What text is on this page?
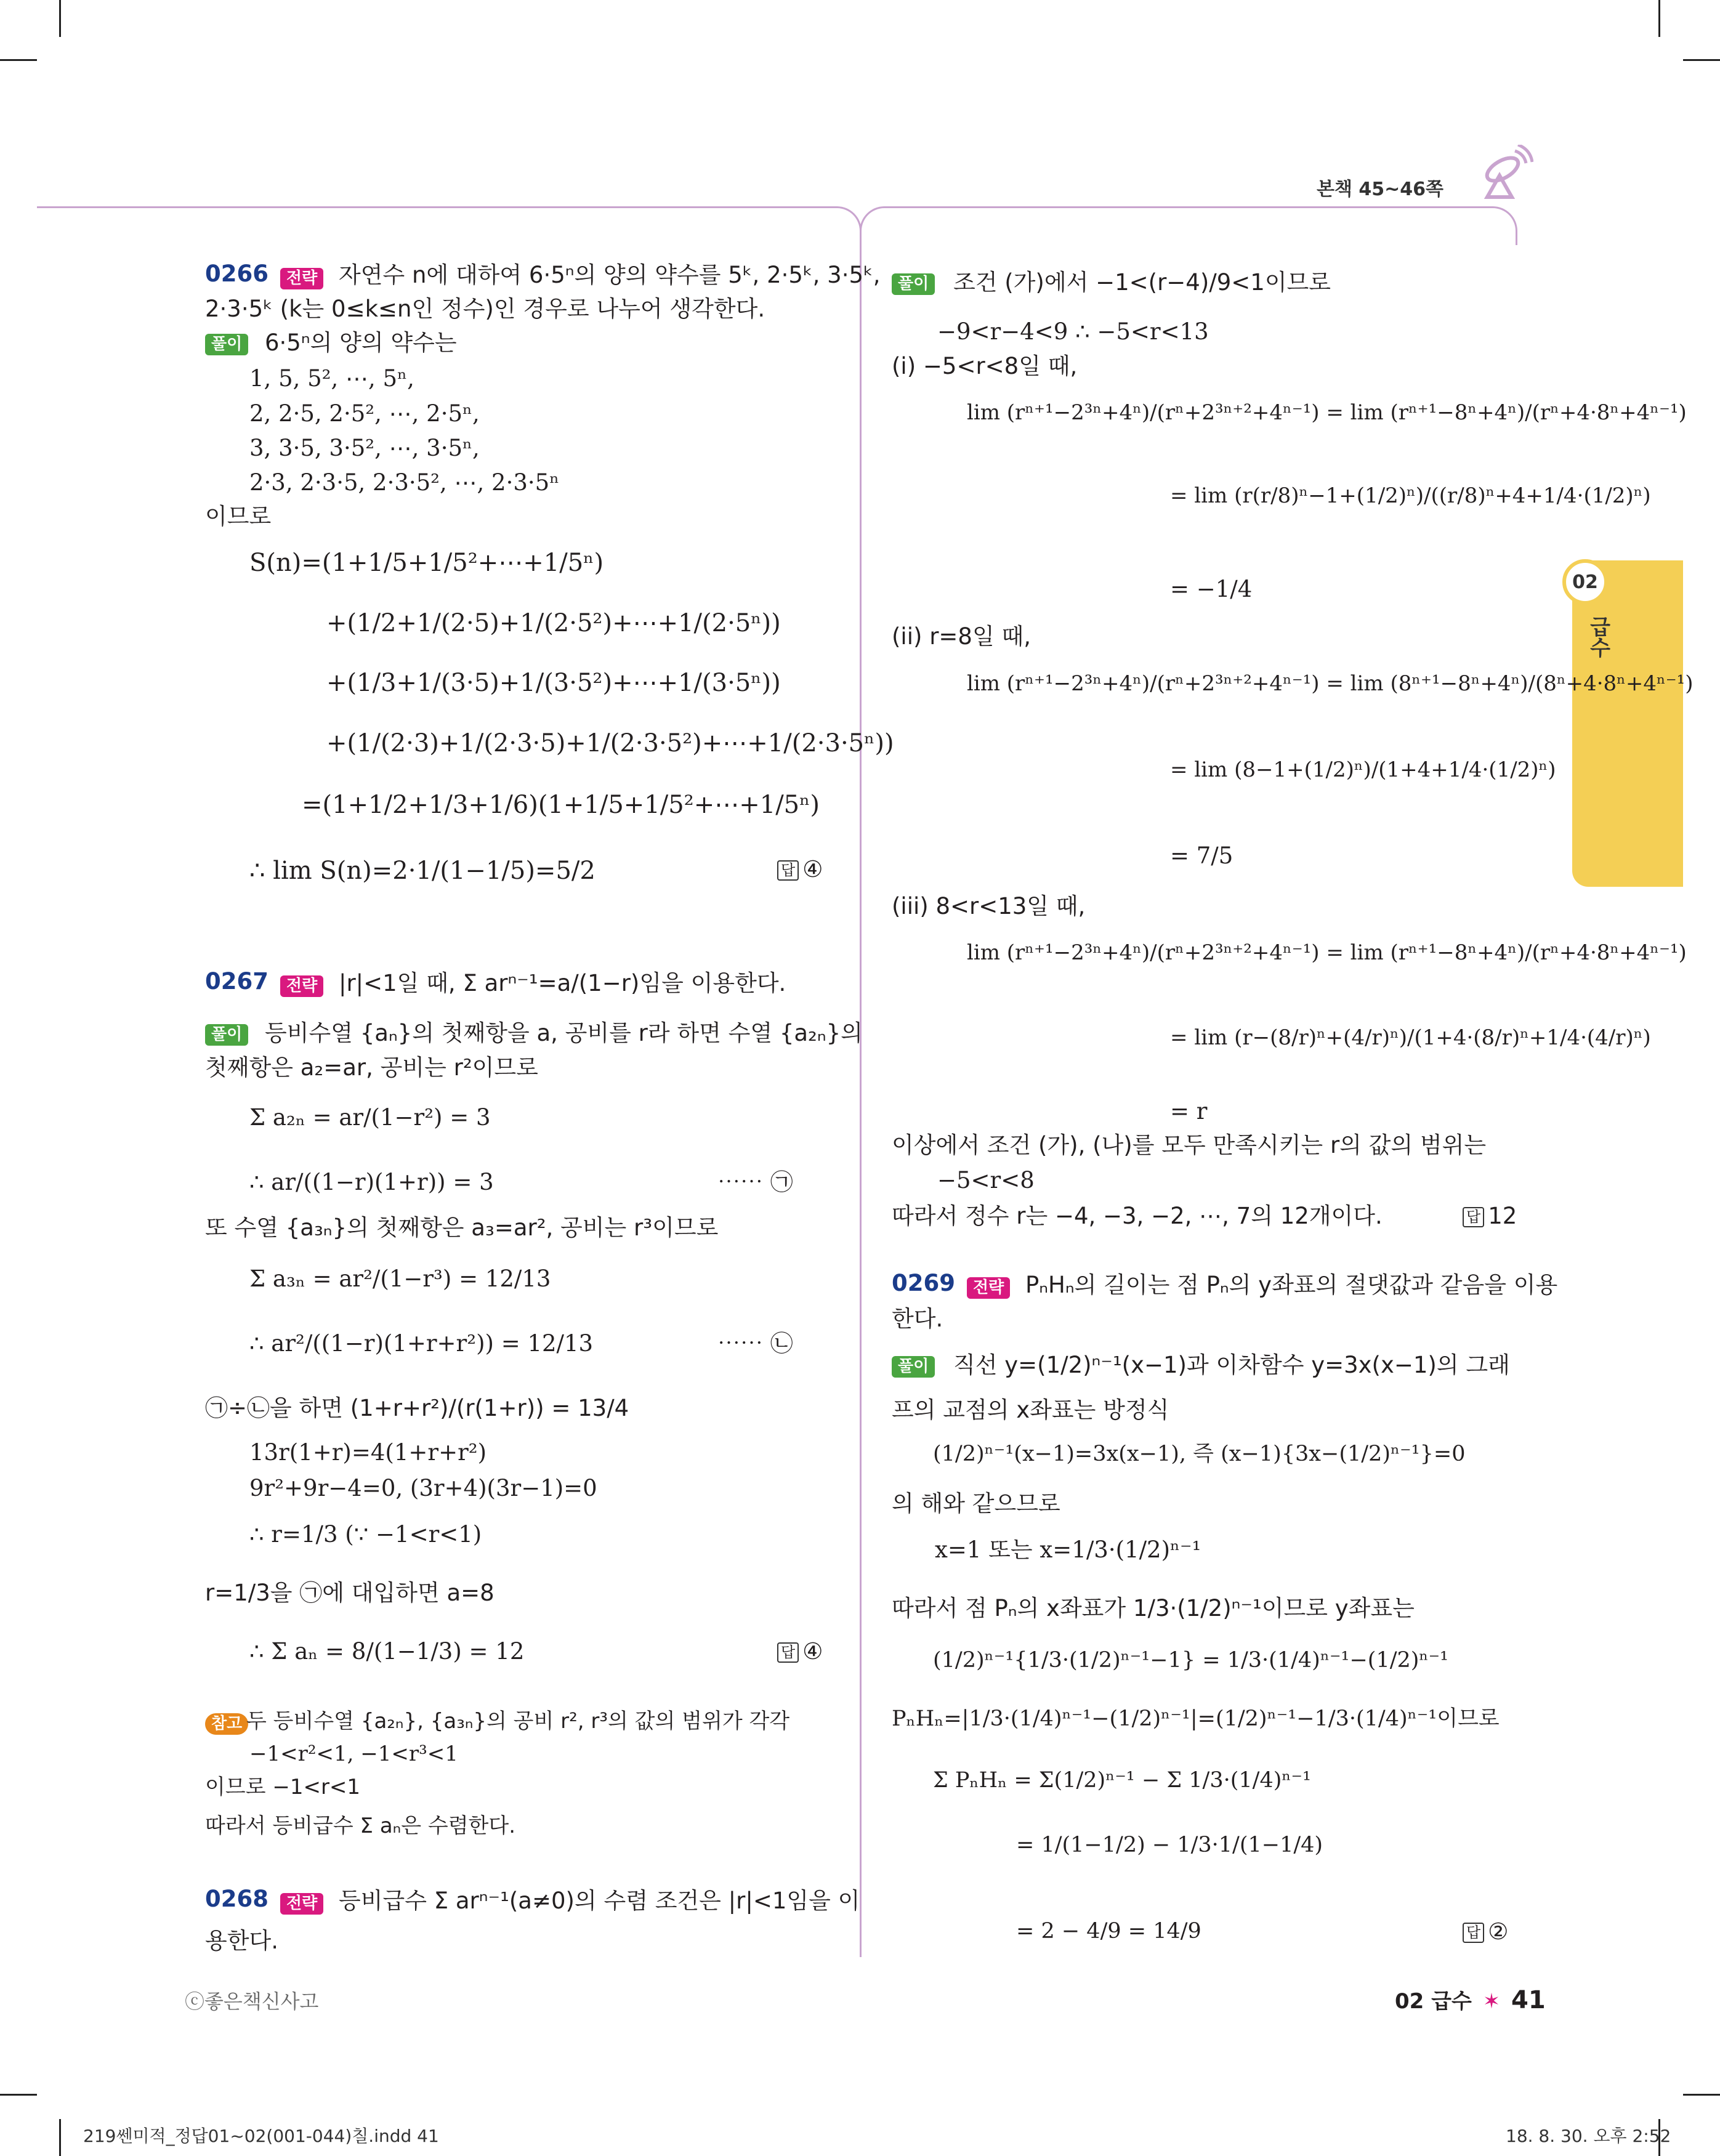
본책 45~46쪽
02
급수
0266	전략 자연수 n에 대하여 6·5ⁿ의 양의 약수를 5ᵏ, 2·5ᵏ, 3·5ᵏ,
2·3·5ᵏ (k는 0≤k≤n인 정수)인 경우로 나누어 생각한다.
풀이 6·5ⁿ의 양의 약수는
1, 5, 5², ⋯, 5ⁿ,
2, 2·5, 2·5², ⋯, 2·5ⁿ,
3, 3·5, 3·5², ⋯, 3·5ⁿ,
2·3, 2·3·5, 2·3·5², ⋯, 2·3·5ⁿ
이므로
S(n)=(1+1/5+1/5²+⋯+1/5ⁿ)
+(1/2+1/(2·5)+1/(2·5²)+⋯+1/(2·5ⁿ))
+(1/3+1/(3·5)+1/(3·5²)+⋯+1/(3·5ⁿ))
+(1/(2·3)+1/(2·3·5)+1/(2·3·5²)+⋯+1/(2·3·5ⁿ))
=(1+1/2+1/3+1/6)(1+1/5+1/5²+⋯+1/5ⁿ)
∴ lim S(n)=2·1/(1−1/5)=5/2	답 ④
0267	전략 |r|<1일 때, Σ arⁿ⁻¹=a/(1−r)임을 이용한다.
풀이 등비수열 {aₙ}의 첫째항을 a, 공비를 r라 하면 수열 {a₂ₙ}의
첫째항은 a₂=ar, 공비는 r²이므로
Σ a₂ₙ = ar/(1−r²) = 3
∴ ar/((1−r)(1+r)) = 3	⋯⋯ ㉠
또 수열 {a₃ₙ}의 첫째항은 a₃=ar², 공비는 r³이므로
Σ a₃ₙ = ar²/(1−r³) = 12/13
∴ ar²/((1−r)(1+r+r²)) = 12/13	⋯⋯ ㉡
㉠÷㉡을 하면 (1+r+r²)/(r(1+r)) = 13/4
13r(1+r)=4(1+r+r²)
9r²+9r−4=0, (3r+4)(3r−1)=0
∴ r=1/3 (∵ −1<r<1)
r=1/3을 ㉠에 대입하면 a=8
∴ Σ aₙ = 8/(1−1/3) = 12	답 ④
참고 두 등비수열 {a₂ₙ}, {a₃ₙ}의 공비 r², r³의 값의 범위가 각각
−1<r²<1, −1<r³<1
이므로 −1<r<1
따라서 등비급수 Σ aₙ은 수렴한다.
0268	전략 등비급수 Σ arⁿ⁻¹(a≠0)의 수렴 조건은 |r|<1임을 이
용한다.
풀이 조건 (가)에서 −1<(r−4)/9<1이므로
−9<r−4<9 ∴ −5<r<13
(i) −5<r<8일 때,
lim (rⁿ⁺¹−2³ⁿ+4ⁿ)/(rⁿ+2³ⁿ⁺²+4ⁿ⁻¹) = lim (rⁿ⁺¹−8ⁿ+4ⁿ)/(rⁿ+4·8ⁿ+4ⁿ⁻¹)
= lim (r(r/8)ⁿ−1+(1/2)ⁿ)/((r/8)ⁿ+4+1/4·(1/2)ⁿ)
= −1/4
(ii) r=8일 때,
lim (rⁿ⁺¹−2³ⁿ+4ⁿ)/(rⁿ+2³ⁿ⁺²+4ⁿ⁻¹) = lim (8ⁿ⁺¹−8ⁿ+4ⁿ)/(8ⁿ+4·8ⁿ+4ⁿ⁻¹)
= lim (8−1+(1/2)ⁿ)/(1+4+1/4·(1/2)ⁿ)
= 7/5
(iii) 8<r<13일 때,
lim (rⁿ⁺¹−2³ⁿ+4ⁿ)/(rⁿ+2³ⁿ⁺²+4ⁿ⁻¹) = lim (rⁿ⁺¹−8ⁿ+4ⁿ)/(rⁿ+4·8ⁿ+4ⁿ⁻¹)
= lim (r−(8/r)ⁿ+(4/r)ⁿ)/(1+4·(8/r)ⁿ+1/4·(4/r)ⁿ)
= r
이상에서 조건 (가), (나)를 모두 만족시키는 r의 값의 범위는
−5<r<8
따라서 정수 r는 −4, −3, −2, ⋯, 7의 12개이다.	답 12
0269	전략 PₙHₙ의 길이는 점 Pₙ의 y좌표의 절댓값과 같음을 이용
한다.
풀이 직선 y=(1/2)ⁿ⁻¹(x−1)과 이차함수 y=3x(x−1)의 그래
프의 교점의 x좌표는 방정식
(1/2)ⁿ⁻¹(x−1)=3x(x−1), 즉 (x−1){3x−(1/2)ⁿ⁻¹}=0
의 해와 같으므로
x=1 또는 x=1/3·(1/2)ⁿ⁻¹
따라서 점 Pₙ의 x좌표가 1/3·(1/2)ⁿ⁻¹이므로 y좌표는
(1/2)ⁿ⁻¹{1/3·(1/2)ⁿ⁻¹−1} = 1/3·(1/4)ⁿ⁻¹−(1/2)ⁿ⁻¹
PₙHₙ=|1/3·(1/4)ⁿ⁻¹−(1/2)ⁿ⁻¹|=(1/2)ⁿ⁻¹−1/3·(1/4)ⁿ⁻¹이므로
Σ PₙHₙ = Σ(1/2)ⁿ⁻¹ − Σ 1/3·(1/4)ⁿ⁻¹
= 1/(1−1/2) − 1/3·1/(1−1/4)
= 2 − 4/9 = 14/9	답 ②
ⓒ좋은책신사고	02 급수 ✶ 41
219쎈미적_정답01~02(001-044)칠.indd 41	18. 8. 30. 오후 2:52
